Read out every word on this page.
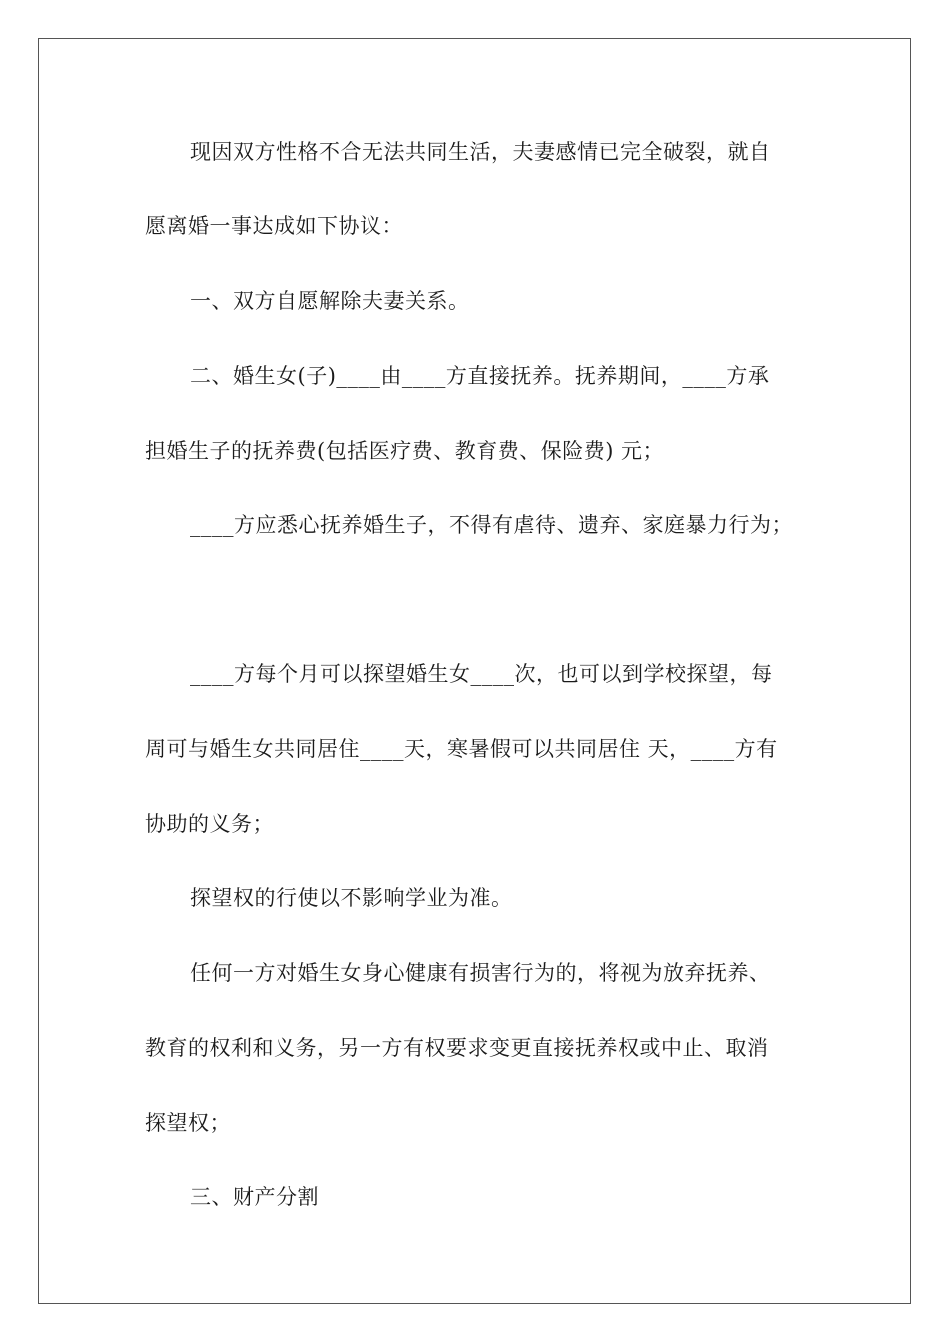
现因双方性格不合无法共同生活，夫妻感情已完全破裂，就自
愿离婚一事达成如下协议：
一、双方自愿解除夫妻关系。
二、婚生女(子)____由____方直接抚养。抚养期间，____方承
担婚生子的抚养费(包括医疗费、教育费、保险费) 元；
____方应悉心抚养婚生子，不得有虐待、遗弃、家庭暴力行为；
____方每个月可以探望婚生女____次，也可以到学校探望，每
周可与婚生女共同居住____天，寒暑假可以共同居住 天，____方有
协助的义务；
探望权的行使以不影响学业为准。
任何一方对婚生女身心健康有损害行为的，将视为放弃抚养、
教育的权利和义务，另一方有权要求变更直接抚养权或中止、取消
探望权；
三、财产分割
